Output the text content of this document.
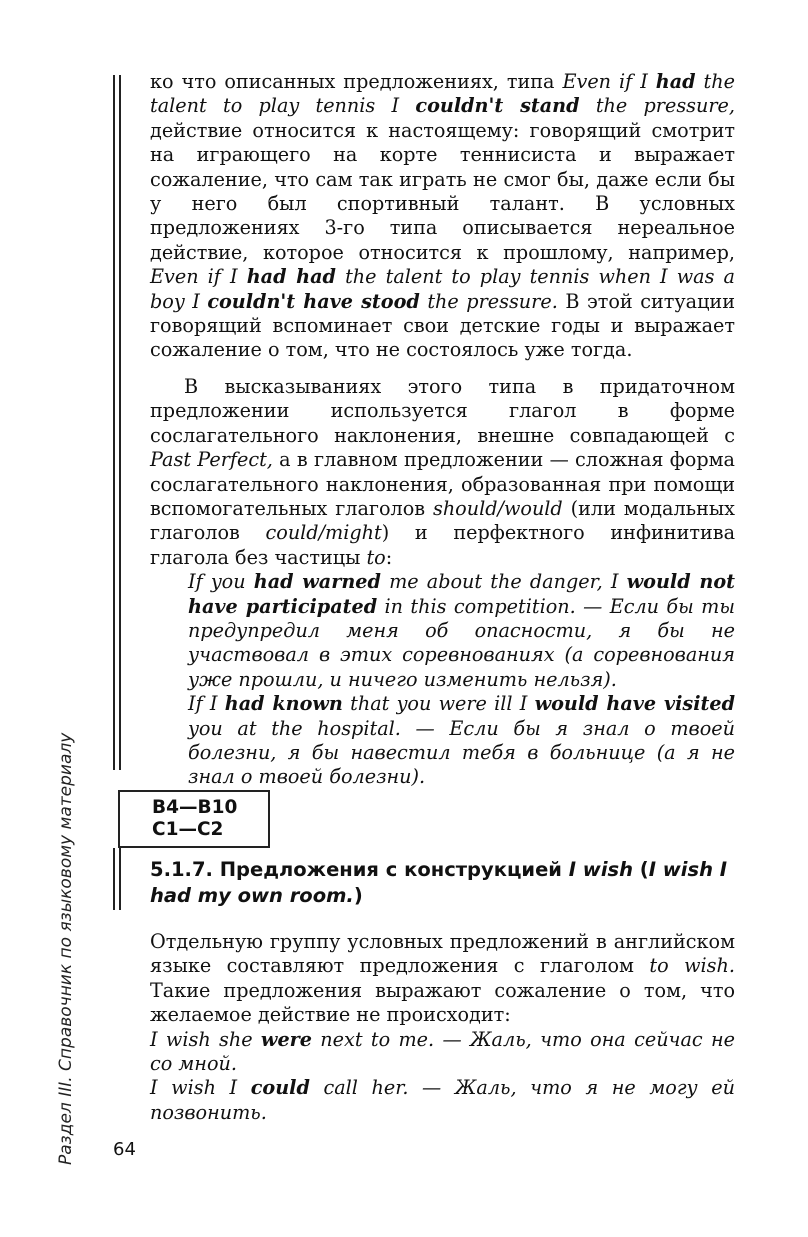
Раздел III. Справочник по языковому материалу

ко что описанных предложениях, типа Even if I had the talent to play tennis I couldn't stand the pressure, действие относится к настоящему: говорящий смотрит на играющего на корте теннисиста и выражает сожаление, что сам так играть не смог бы, даже если бы у него был спортивный талант. В условных предложениях 3-го типа описывается нереальное действие, которое относится к прошлому, например, Even if I had had the talent to play tennis when I was a boy I couldn't have stood the pressure. В этой ситуации говорящий вспоминает свои детские годы и выражает сожаление о том, что не состоялось уже тогда.

В высказываниях этого типа в придаточном предложении используется глагол в форме сослагательного наклонения, внешне совпадающей с Past Perfect, а в главном предложении — сложная форма сослагательного наклонения, образованная при помощи вспомогательных глаголов should/would (или модальных глаголов could/might) и перфектного инфинитива глагола без частицы to:

If you had warned me about the danger, I would not have participated in this competition. — Если бы ты предупредил меня об опасности, я бы не участвовал в этих соревнованиях (а соревнования уже прошли, и ничего изменить нельзя).

If I had known that you were ill I would have visited you at the hospital. — Если бы я знал о твоей болезни, я бы навестил тебя в больнице (а я не знал о твоей болезни).

B4—B10
C1—C2
5.1.7. Предложения с конструкцией I wish (I wish I had my own room.)

Отдельную группу условных предложений в английском языке составляют предложения с глаголом to wish. Такие предложения выражают сожаление о том, что желаемое действие не происходит:

I wish she were next to me. — Жаль, что она сейчас не со мной.

I wish I could call her. — Жаль, что я не могу ей позвонить.

64
